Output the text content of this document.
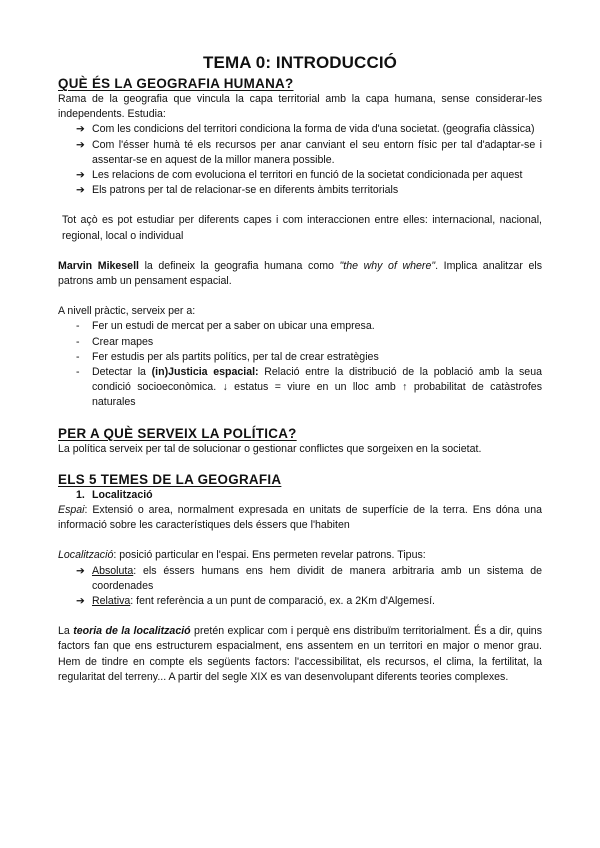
TEMA 0: INTRODUCCIÓ
QUÈ ÉS LA GEOGRAFIA HUMANA?

Rama de la geografia que vincula la capa territorial amb la capa humana, sense considerar-les independents. Estudia:

➔ Com les condicions del territori condiciona la forma de vida d'una societat. (geografia clàssica)
➔ Com l'ésser humà té els recursos per anar canviant el seu entorn físic per tal d'adaptar-se i assentar-se en aquest de la millor manera possible.
➔ Les relacions de com evoluciona el territori en funció de la societat condicionada per aquest
➔ Els patrons per tal de relacionar-se en diferents àmbits territorials

Tot açò es pot estudiar per diferents capes i com interaccionen entre elles: internacional, nacional, regional, local o individual

Marvin Mikesell la defineix la geografia humana como "the why of where". Implica analitzar els patrons amb un pensament espacial.

A nivell pràctic, serveix per a:

- Fer un estudi de mercat per a saber on ubicar una empresa.
- Crear mapes
- Fer estudis per als partits polítics, per tal de crear estratègies
- Detectar la (in)Justicia espacial: Relació entre la distribució de la població amb la seua condició socioeconòmica. ↓ estatus = viure en un lloc amb ↑ probabilitat de catàstrofes naturales
PER A QUÈ SERVEIX LA POLÍTICA?

La política serveix per tal de solucionar o gestionar conflictes que sorgeixen en la societat.

ELS 5 TEMES DE LA GEOGRAFIA
1. Localització

Espai: Extensió o area, normalment expresada en unitats de superfície de la terra. Ens dóna una informació sobre les característiques dels éssers que l'habiten

Localització: posició particular en l'espai. Ens permeten revelar patrons. Tipus:

➔ Absoluta: els éssers humans ens hem dividit de manera arbitraria amb un sistema de coordenades
➔ Relativa: fent referència a un punt de comparació, ex. a 2Km d'Algemesí.

La teoria de la localització pretén explicar com i perquè ens distribuïm territorialment. És a dir, quins factors fan que ens estructurem espacialment, ens assentem en un territori en major o menor grau. Hem de tindre en compte els següents factors: l'accessibilitat, els recursos, el clima, la fertilitat, la regularitat del terreny... A partir del segle XIX es van desenvolupant diferents teories complexes.
